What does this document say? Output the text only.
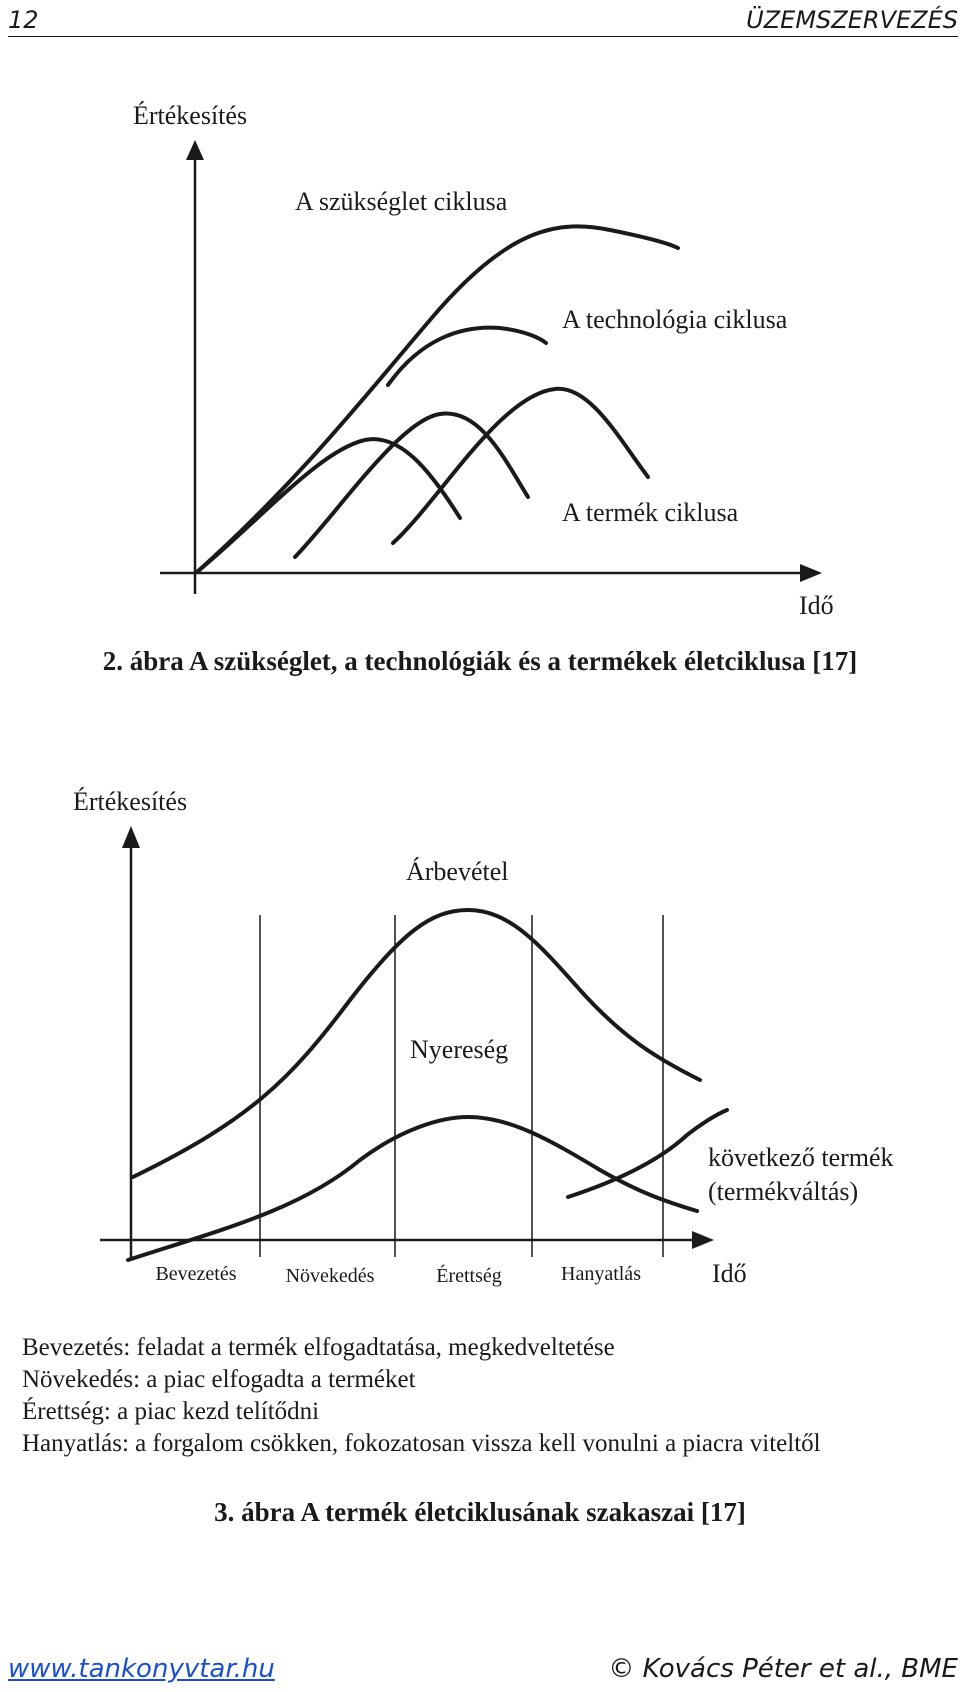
12	ÜZEMSZERVEZÉS
Értékesítés
Idő
A szükséglet ciklusa
A technológia ciklusa
A termék ciklusa
Értékesítés
Idő
Árbevétel
Nyereség
következő termék
(termékváltás)
Bevezetés Növekedés	Érettség	Hanyatlás
2. ábra A szükséglet, a technológiák és a termékek életciklusa [17]
Bevezetés: feladat a termék elfogadtatása, megkedveltetése
Növekedés: a piac elfogadta a terméket
Érettség: a piac kezd telítődni
Hanyatlás: a forgalom csökken, fokozatosan vissza kell vonulni a piacra viteltől
3. ábra A termék életciklusának szakaszai [17]
www.tankonyvtar.hu	© Kovács Péter et al., BME
